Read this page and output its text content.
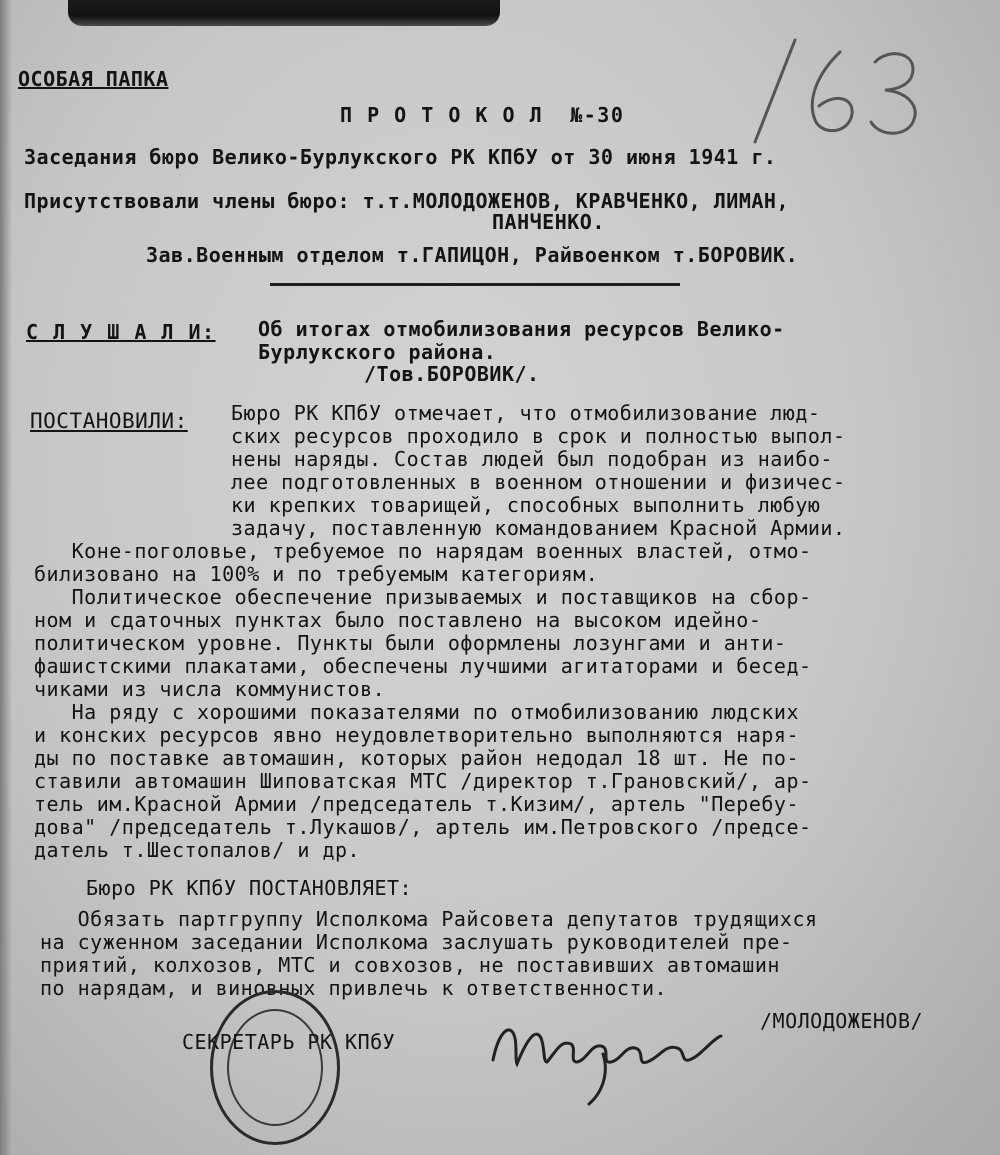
ОСОБАЯ ПАПКА
П Р О Т О К О Л  №-30
Заседания бюро Велико-Бурлукского РК КПбУ от 30 июня 1941 г.
Присутствовали члены бюро: т.т.МОЛОДОЖЕНОВ, КРАВЧЕНКО, ЛИМАН,
ПАНЧЕНКО.
Зав.Военным отделом т.ГАПИЦОН, Райвоенком т.БОРОВИК.
С Л У Ш А Л И: Об итогах отмобилизования ресурсов Велико-
Бурлукского района.
/Тов.БОРОВИК/.
ПОСТАНОВИЛИ: Бюро РК КПбУ отмечает, что отмобилизование люд-
ских ресурсов проходило в срок и полностью выпол-
нены наряды. Состав людей был подобран из наибо-
лее подготовленных в военном отношении и физичес-
ки крепких товарищей, способных выполнить любую
задачу, поставленную командованием Красной Армии.
Коне-поголовье, требуемое по нарядам военных властей, отмо-
билизовано на 100% и по требуемым категориям.
Политическое обеспечение призываемых и поставщиков на сбор-
ном и сдаточных пунктах было поставлено на высоком идейно-
политическом уровне. Пункты были оформлены лозунгами и анти-
фашистскими плакатами, обеспечены лучшими агитаторами и бесед-
чиками из числа коммунистов.
На ряду с хорошими показателями по отмобилизованию людских
и конских ресурсов явно неудовлетворительно выполняются наря-
ды по поставке автомашин, которых район недодал 18 шт. Не по-
ставили автомашин Шиповатская МТС /директор т.Грановский/, ар-
тель им.Красной Армии /председатель т.Кизим/, артель "Перебу-
дова" /председатель т.Лукашов/, артель им.Петровского /предсе-
датель т.Шестопалов/ и др.
Бюро РК КПбУ ПОСТАНОВЛЯЕТ:
Обязать партгруппу Исполкома Райсовета депутатов трудящихся
на суженном заседании Исполкома заслушать руководителей пре-
приятий, колхозов, МТС и совхозов, не поставивших автомашин
по нарядам, и виновных привлечь к ответственности.
СЕКРЕТАРЬ РК КПбУ
/МОЛОДОЖЕНОВ/
